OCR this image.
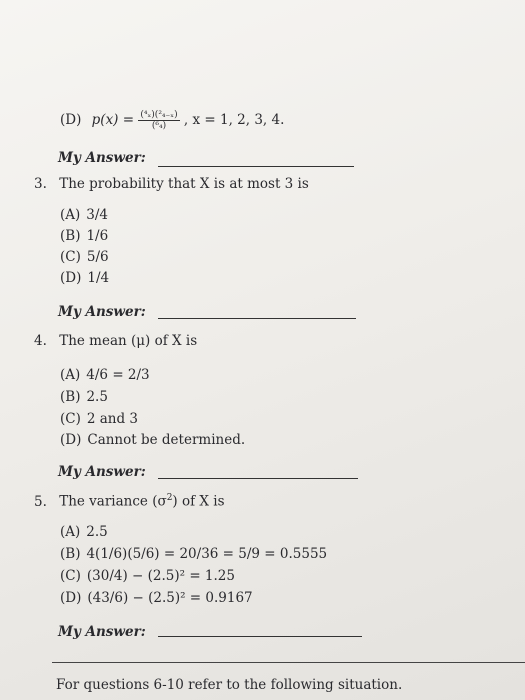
(D) $p(x) = \frac{\text{(⁴ₓ)(²₄₋ₓ)}}{\text{(⁶₄)}}$ , x = 1, 2, 3, 4.
My Answer:
3. The probability that X is at most 3 is
(A) 3/4
(B) 1/6
(C) 5/6
(D) 1/4
My Answer:
4. The mean (μ) of X is
(A) 4/6 = 2/3
(B) 2.5
(C) 2 and 3
(D) Cannot be determined.
My Answer:
5. The variance $(\sigma^2)$ of X is
(A) 2.5
(B) 4(1/6)(5/6) = 20/36 = 5/9 = 0.5555
(C) (30/4) − (2.5)² = 1.25
(D) (43/6) − (2.5)² = 0.9167
My Answer:
For questions 6-10 refer to the following situation.
